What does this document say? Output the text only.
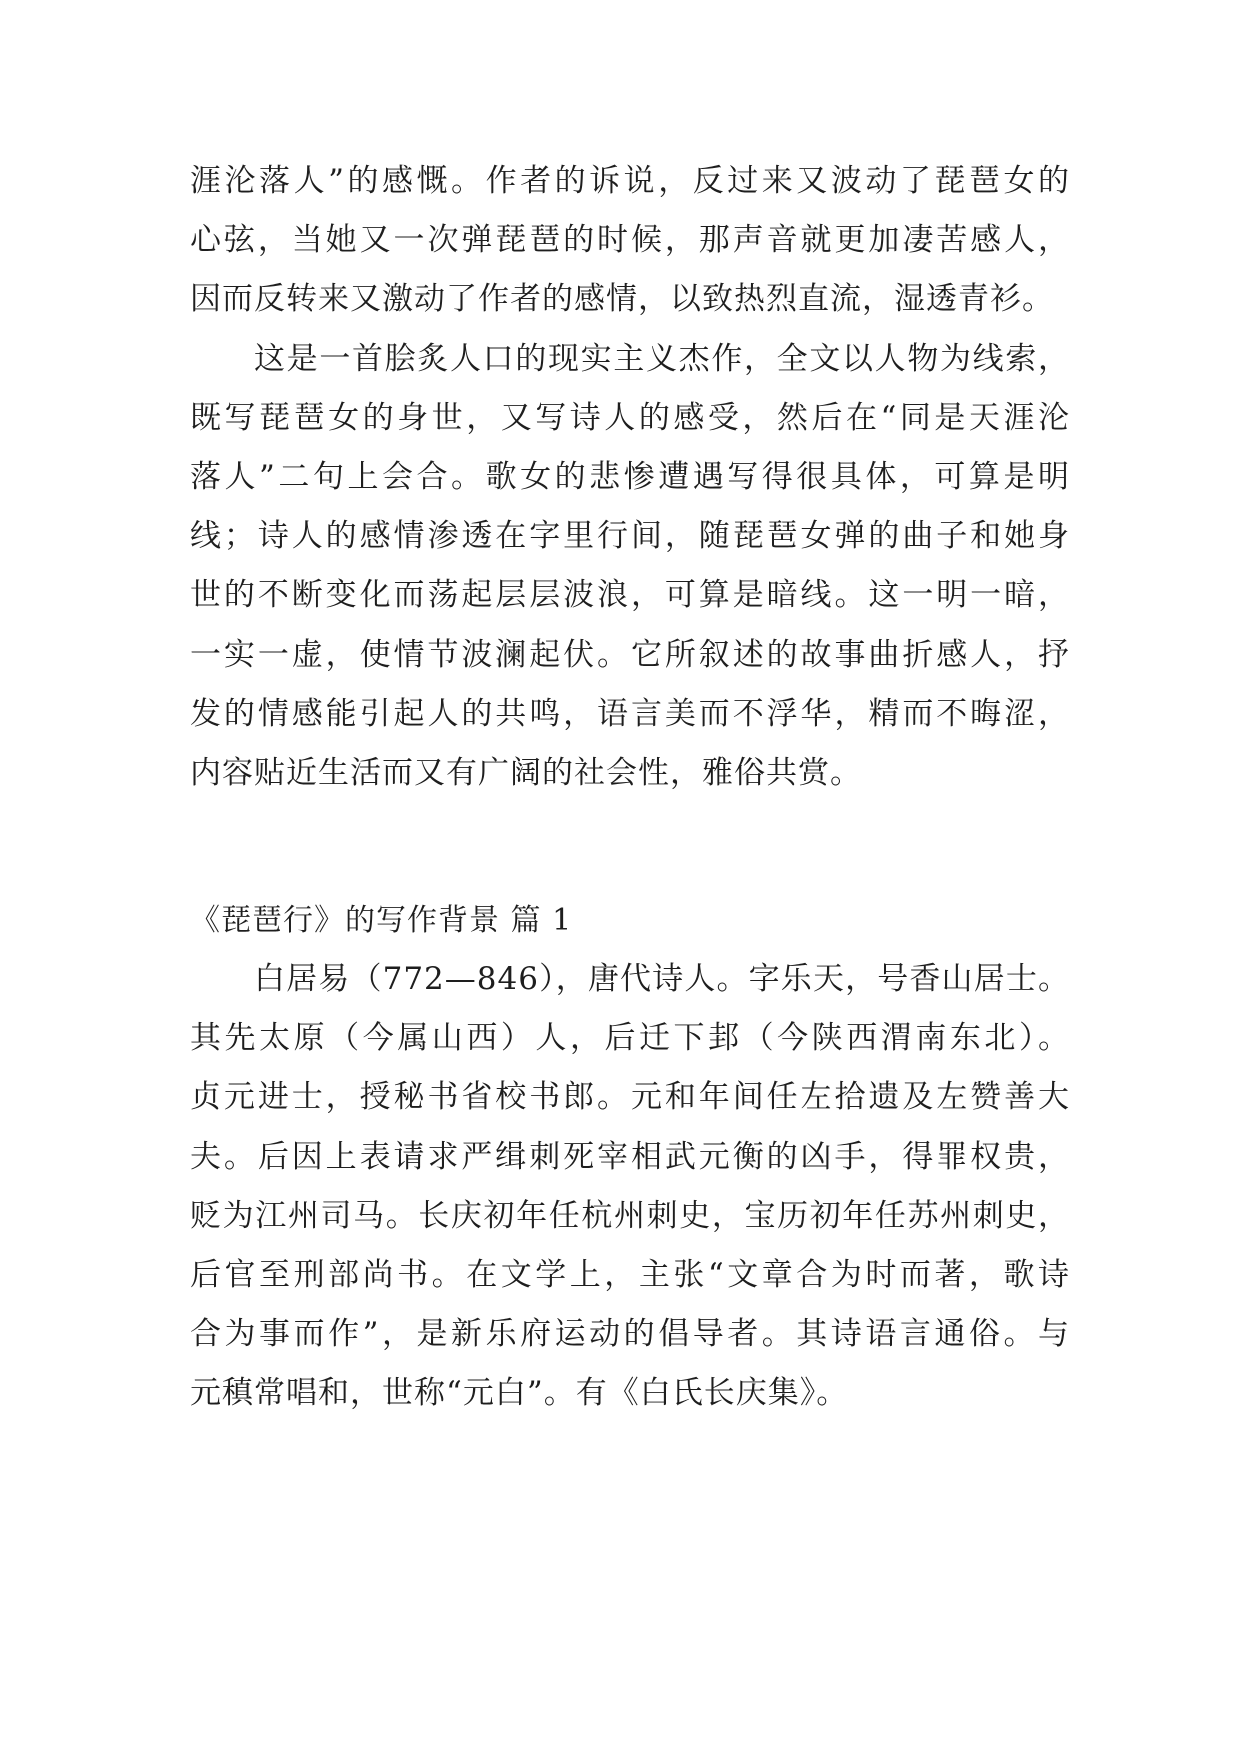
涯沦落人”的感慨。作者的诉说，反过来又波动了琵琶女的
心弦，当她又一次弹琵琶的时候，那声音就更加凄苦感人，
因而反转来又激动了作者的感情，以致热烈直流，湿透青衫。
这是一首脍炙人口的现实主义杰作，全文以人物为线索，
既写琵琶女的身世，又写诗人的感受，然后在“同是天涯沦
落人”二句上会合。歌女的悲惨遭遇写得很具体，可算是明
线；诗人的感情渗透在字里行间，随琵琶女弹的曲子和她身
世的不断变化而荡起层层波浪，可算是暗线。这一明一暗，
一实一虚，使情节波澜起伏。它所叙述的故事曲折感人，抒
发的情感能引起人的共鸣，语言美而不浮华，精而不晦涩，
内容贴近生活而又有广阔的社会性，雅俗共赏。
《琵琶行》的写作背景 篇 1
白居易（772—846），唐代诗人。字乐天，号香山居士。
其先太原（今属山西）人，后迁下邽（今陕西渭南东北）。
贞元进士，授秘书省校书郎。元和年间任左拾遗及左赞善大
夫。后因上表请求严缉刺死宰相武元衡的凶手，得罪权贵，
贬为江州司马。长庆初年任杭州刺史，宝历初年任苏州刺史，
后官至刑部尚书。在文学上，主张“文章合为时而著，歌诗
合为事而作”，是新乐府运动的倡导者。其诗语言通俗。与
元稹常唱和，世称“元白”。有《白氏长庆集》。
